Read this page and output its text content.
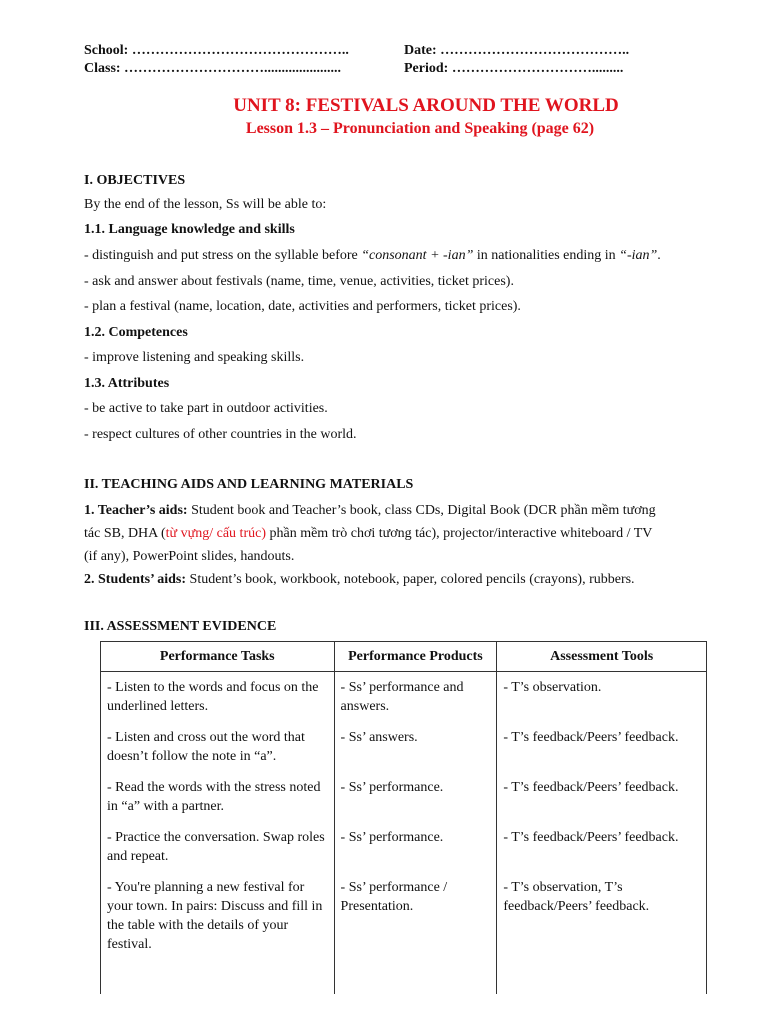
School: ………………………………………..	Date: …………………………………..
Class: …………………………......................	Period: ………………………….........
UNIT 8: FESTIVALS AROUND THE WORLD
Lesson 1.3 – Pronunciation and Speaking (page 62)
I. OBJECTIVES
By the end of the lesson, Ss will be able to:
1.1. Language knowledge and skills
- distinguish and put stress on the syllable before “consonant + -ian” in nationalities ending in “-ian”.
- ask and answer about festivals (name, time, venue, activities, ticket prices).
- plan a festival (name, location, date, activities and performers, ticket prices).
1.2. Competences
- improve listening and speaking skills.
1.3. Attributes
- be active to take part in outdoor activities.
- respect cultures of other countries in the world.
II. TEACHING AIDS AND LEARNING MATERIALS
1. Teacher’s aids: Student book and Teacher’s book, class CDs, Digital Book (DCR phần mềm tương
tác SB, DHA (từ vựng/ cấu trúc) phần mềm trò chơi tương tác), projector/interactive whiteboard / TV
(if any), PowerPoint slides, handouts.
2. Students’ aids: Student’s book, workbook, notebook, paper, colored pencils (crayons), rubbers.
III. ASSESSMENT EVIDENCE
Performance Tasks	Performance Products	Assessment Tools
- Listen to the words and focus on the underlined letters.	- Ss’ performance and answers.	- T’s observation.
- Listen and cross out the word that doesn’t follow the note in “a”.	- Ss’ answers.	- T’s feedback/Peers’ feedback.
- Read the words with the stress noted in “a” with a partner.	- Ss’ performance.	- T’s feedback/Peers’ feedback.
- Practice the conversation. Swap roles and repeat.	- Ss’ performance.	- T’s feedback/Peers’ feedback.
- You're planning a new festival for your town. In pairs: Discuss and fill in the table with the details of your festival.	- Ss’ performance / Presentation.	- T’s observation, T’s feedback/Peers’ feedback.
